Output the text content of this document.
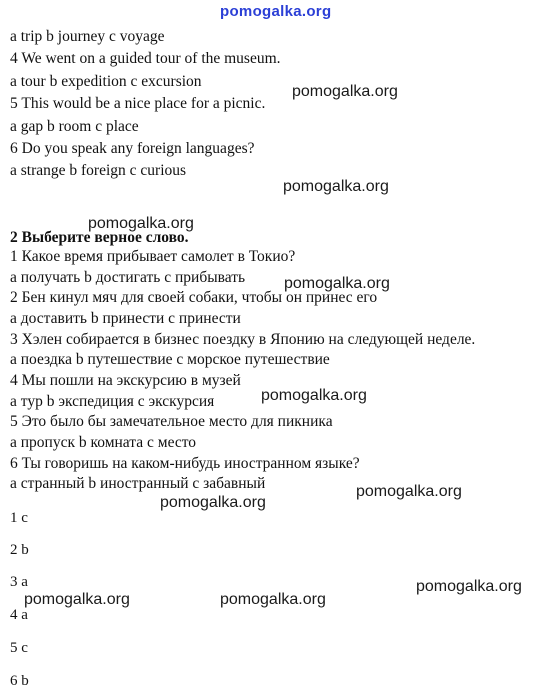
pomogalka.org
a trip b journey c voyage
4 We went on a guided tour of the museum.
a tour b expedition c excursion
5 This would be a nice place for a picnic.
a gap b room c place
6 Do you speak any foreign languages?
a strange b foreign c curious
2 Выберите верное слово.
1 Какое время прибывает самолет в Токио?
а получать b достигать с прибывать
2 Бен кинул мяч для своей собаки, чтобы он принес его
а доставить b принести с принести
3 Хэлен собирается в бизнес поездку в Японию на следующей неделе.
а поездка b путешествие с морское путешествие
4 Мы пошли на экскурсию в музей
а тур b экспедиция с экскурсия
5 Это было бы замечательное место для пикника
а пропуск b комната с место
6 Ты говоришь на каком-нибудь иностранном языке?
а странный b иностранный с забавный
1 c
2 b
3 a
4 a
5 c
6 b
pomogalka.org
pomogalka.org
pomogalka.org
pomogalka.org
pomogalka.org
pomogalka.org
pomogalka.org
pomogalka.org
pomogalka.org	pomogalka.org
